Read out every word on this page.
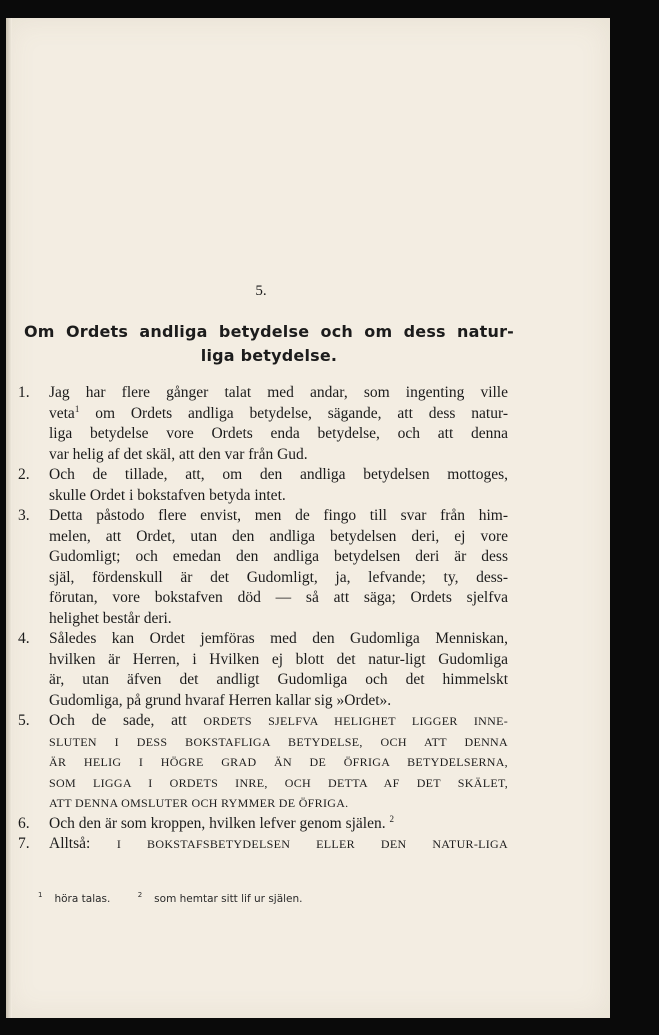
5.
Om Ordets andliga betydelse och om dess natur-
liga betydelse.
1.	Jag har flere gånger talat med andar, som ingenting ville
veta$^1$ om Ordets andliga betydelse, sägande, att dess natur-
liga betydelse vore Ordets enda betydelse, och att denna
var helig af det skäl, att den var från Gud.
2.	Och de tillade, att, om den andliga betydelsen mottoges,
skulle Ordet i bokstafven betyda intet.
3.	Detta påstodo flere envist, men de fingo till svar från him-
melen, att Ordet, utan den andliga betydelsen deri, ej vore
Gudomligt; och emedan den andliga betydelsen deri är dess
själ, fördenskull är det Gudomligt, ja, lefvande; ty, dess-
förutan, vore bokstafven död — så att säga; Ordets sjelfva
helighet består deri.
4.	Således kan Ordet jemföras med den Gudomliga Menniskan,
hvilken är Herren, i Hvilken ej blott det natur-ligt Gudomliga
är, utan äfven det andligt Gudomliga och det himmelskt
Gudomliga, på grund hvaraf Herren kallar sig »Ordet».
5.	Och de sade, att ORDETS SJELFVA HELIGHET LIGGER INNE-
SLUTEN I DESS BOKSTAFLIGA BETYDELSE, OCH ATT DENNA
ÄR HELIG I HÖGRE GRAD ÄN DE ÖFRIGA BETYDELSERNA,
SOM LIGGA I ORDETS INRE, OCH DETTA AF DET SKÄLET,
ATT DENNA OMSLUTER OCH RYMMER DE ÖFRIGA.
6.	Och den är som kroppen, hvilken lefver genom själen. $^2$
7.	Alltså: I BOKSTAFSBETYDELSEN ELLER DEN NATUR-LIGA
$^1$ höra talas.	$^2$ som hemtar sitt lif ur själen.
